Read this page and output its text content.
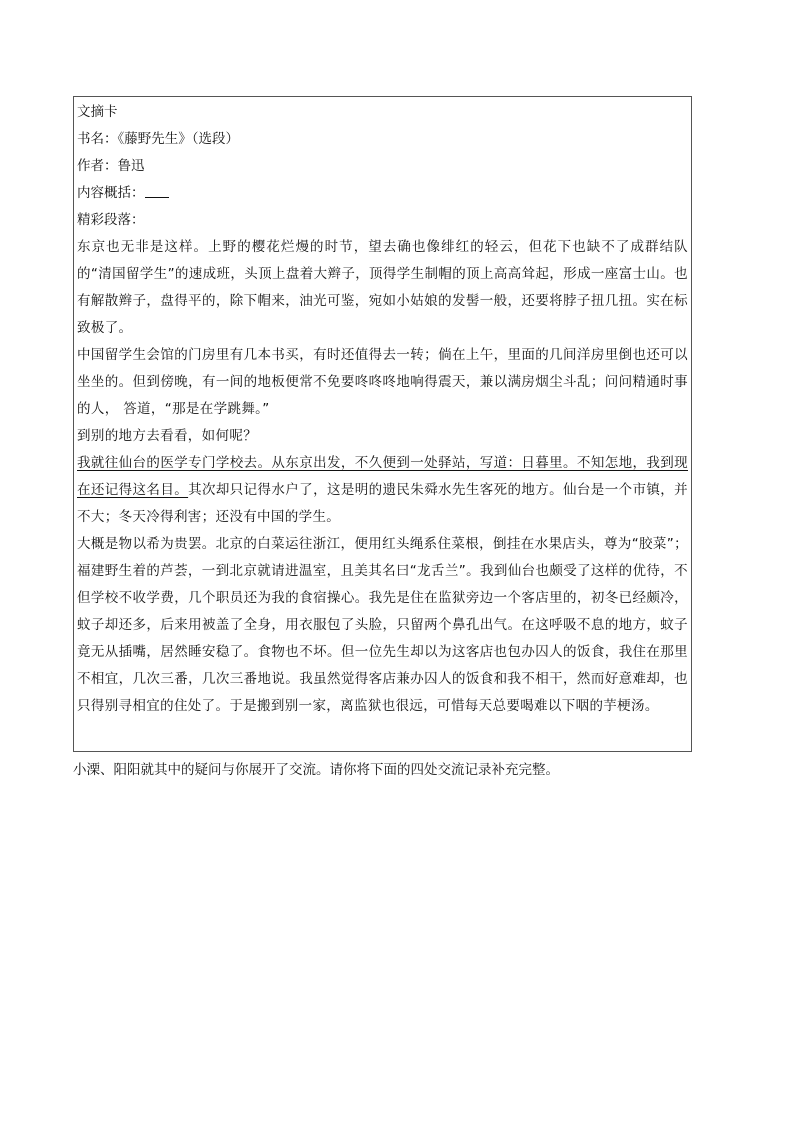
文摘卡
书名：《藤野先生》（选段）
作者：鲁迅
内容概括：
精彩段落：
东京也无非是这样。上野的樱花烂熳的时节，望去确也像绯红的轻云，但花下也缺不了成群结队的“清国留学生”的速成班，头顶上盘着大辫子，顶得学生制帽的顶上高高耸起，形成一座富士山。也有解散辫子，盘得平的，除下帽来，油光可鉴，宛如小姑娘的发髻一般，还要将脖子扭几扭。实在标致极了。
中国留学生会馆的门房里有几本书买，有时还值得去一转；倘在上午，里面的几间洋房里倒也还可以坐坐的。但到傍晚，有一间的地板便常不免要咚咚咚地响得震天，兼以满房烟尘斗乱；问问精通时事的人， 答道，“那是在学跳舞。”
到别的地方去看看，如何呢？
我就往仙台的医学专门学校去。从东京出发，不久便到一处驿站，写道：日暮里。不知怎地，我到现在还记得这名目。其次却只记得水户了，这是明的遗民朱舜水先生客死的地方。仙台是一个市镇，并不大；冬天冷得利害；还没有中国的学生。
大概是物以希为贵罢。北京的白菜运往浙江，便用红头绳系住菜根，倒挂在水果店头，尊为“胶菜”；福建野生着的芦荟，一到北京就请进温室，且美其名曰“龙舌兰”。我到仙台也颇受了这样的优待，不但学校不收学费，几个职员还为我的食宿操心。我先是住在监狱旁边一个客店里的，初冬已经颇冷，蚊子却还多，后来用被盖了全身，用衣服包了头脸，只留两个鼻孔出气。在这呼吸不息的地方，蚊子竟无从插嘴，居然睡安稳了。食物也不坏。但一位先生却以为这客店也包办囚人的饭食，我住在那里不相宜，几次三番，几次三番地说。我虽然觉得客店兼办囚人的饭食和我不相干，然而好意难却，也只得别寻相宜的住处了。于是搬到别一家，离监狱也很远，可惜每天总要喝难以下咽的芋梗汤。
小溧、阳阳就其中的疑问与你展开了交流。请你将下面的四处交流记录补充完整。
